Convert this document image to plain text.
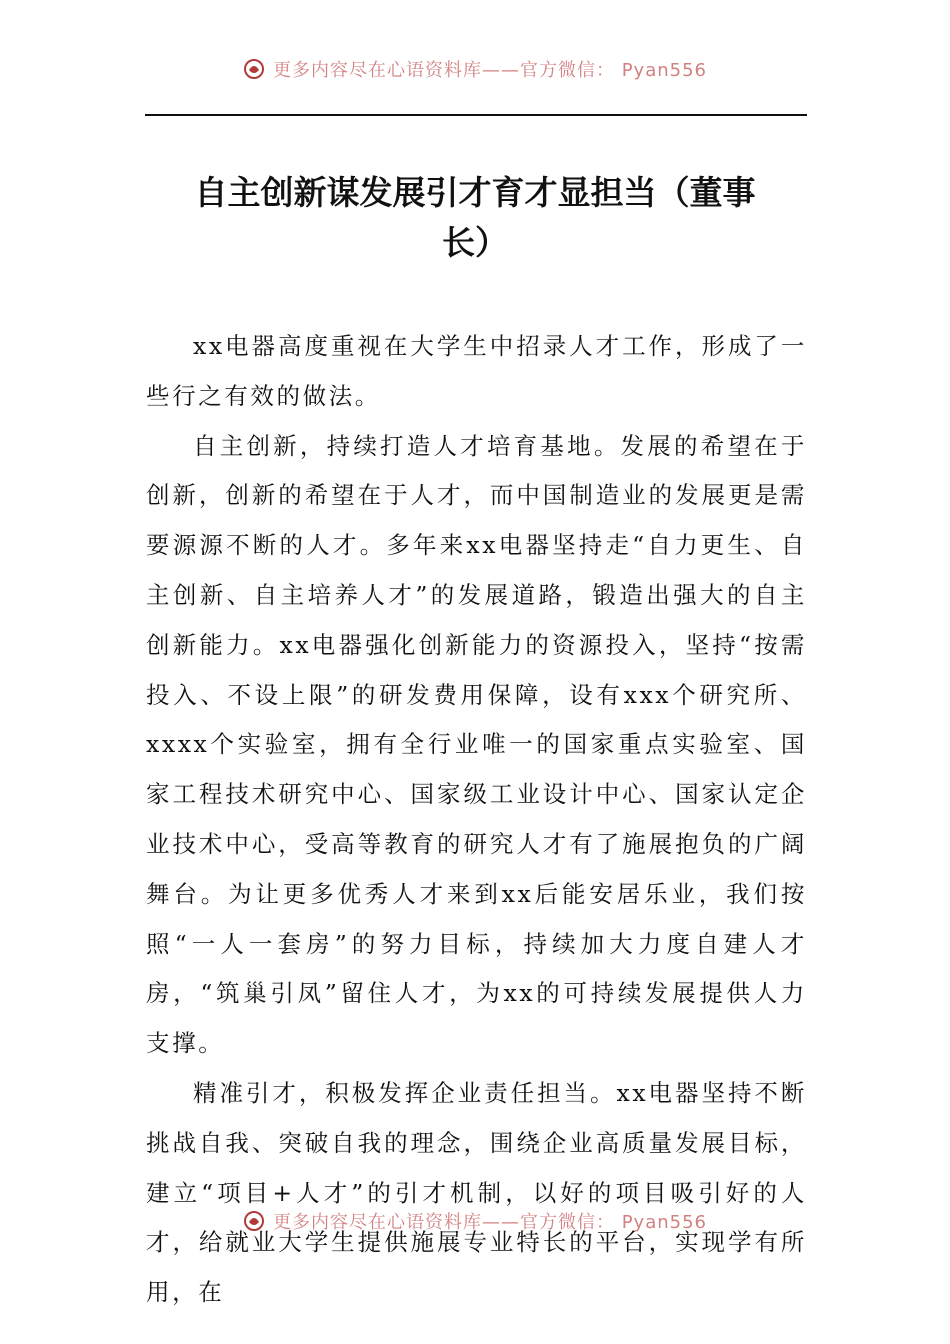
更多内容尽在心语资料库——官方微信： Pyan556
自主创新谋发展引才育才显担当（董事
长）

xx电器高度重视在大学生中招录人才工作，形成了一些行之有效的做法。

自主创新，持续打造人才培育基地。发展的希望在于创新，创新的希望在于人才，而中国制造业的发展更是需要源源不断的人才。多年来xx电器坚持走“自力更生、自主创新、自主培养人才”的发展道路，锻造出强大的自主创新能力。xx电器强化创新能力的资源投入，坚持“按需投入、不设上限”的研发费用保障，设有xxx个研究所、xxxx个实验室，拥有全行业唯一的国家重点实验室、国家工程技术研究中心、国家级工业设计中心、国家认定企业技术中心，受高等教育的研究人才有了施展抱负的广阔舞台。为让更多优秀人才来到xx后能安居乐业，我们按照“一人一套房”的努力目标，持续加大力度自建人才房，“筑巢引凤”留住人才，为xx的可持续发展提供人力支撑。

精准引才，积极发挥企业责任担当。xx电器坚持不断挑战自我、突破自我的理念，围绕企业高质量发展目标，建立“项目+人才”的引才机制，以好的项目吸引好的人才，给就业大学生提供施展专业特长的平台，实现学有所用，在

更多内容尽在心语资料库——官方微信： Pyan556
